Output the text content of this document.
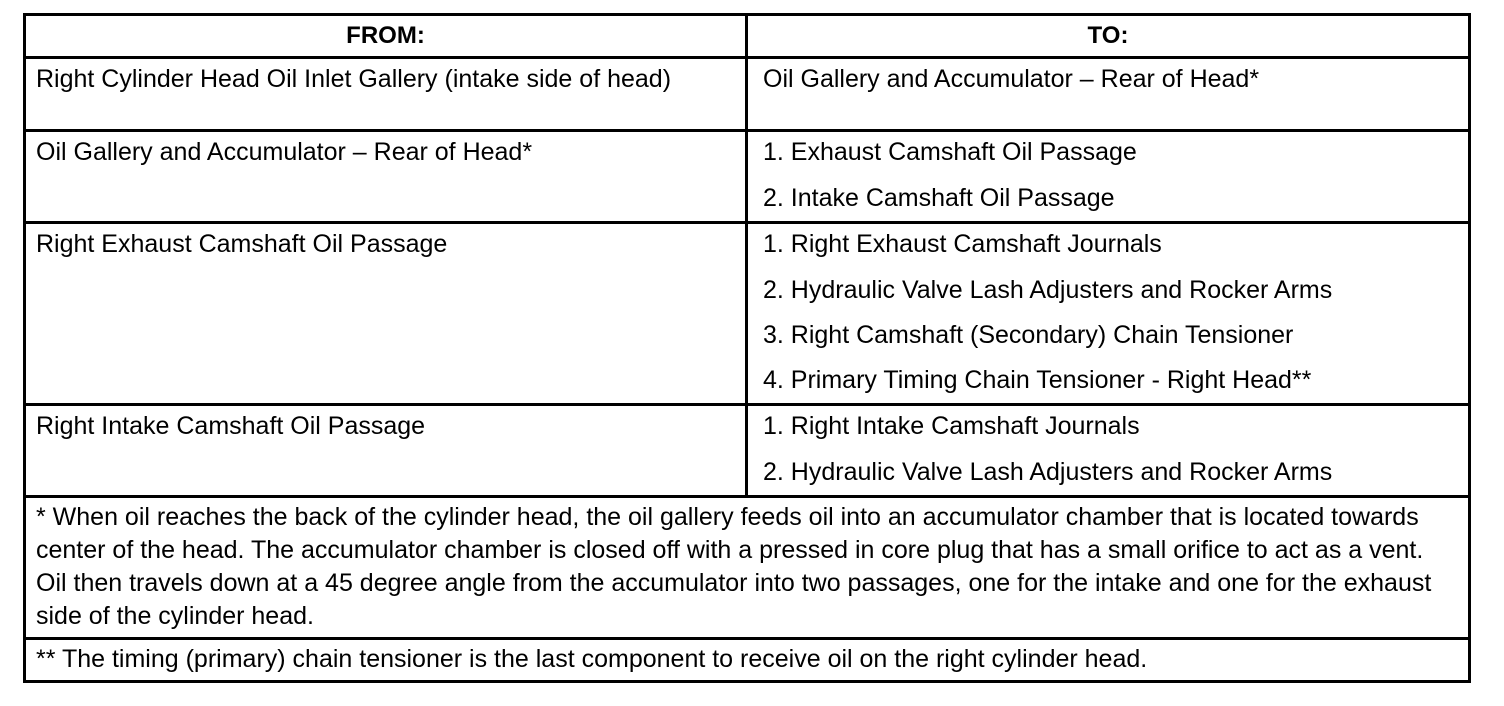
FROM:	TO:

Right Cylinder Head Oil Inlet Gallery (intake side of head)	Oil Gallery and Accumulator – Rear of Head*

Oil Gallery and Accumulator – Rear of Head*	1. Exhaust Camshaft Oil Passage
2. Intake Camshaft Oil Passage

Right Exhaust Camshaft Oil Passage	1. Right Exhaust Camshaft Journals
2. Hydraulic Valve Lash Adjusters and Rocker Arms
3. Right Camshaft (Secondary) Chain Tensioner
4. Primary Timing Chain Tensioner - Right Head**

Right Intake Camshaft Oil Passage	1. Right Intake Camshaft Journals
2. Hydraulic Valve Lash Adjusters and Rocker Arms

* When oil reaches the back of the cylinder head, the oil gallery feeds oil into an accumulator chamber that is located towards center of the head. The accumulator chamber is closed off with a pressed in core plug that has a small orifice to act as a vent. Oil then travels down at a 45 degree angle from the accumulator into two passages, one for the intake and one for the exhaust side of the cylinder head.	

** The timing (primary) chain tensioner is the last component to receive oil on the right cylinder head.	
